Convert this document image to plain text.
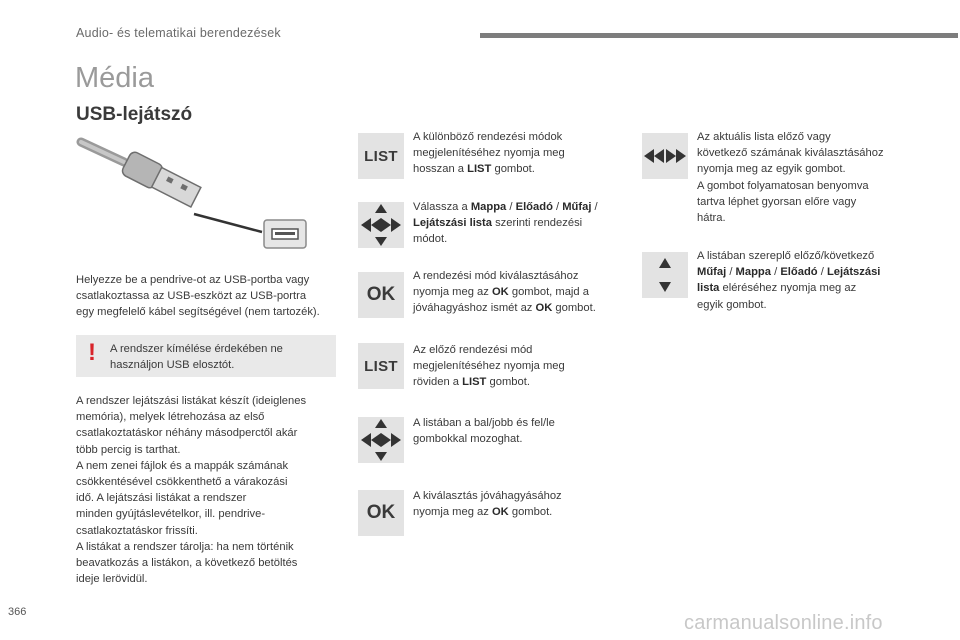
Audio- és telematikai berendezések
Média
USB-lejátszó
Helyezze be a pendrive-ot az USB-portba vagy
csatlakoztassa az USB-eszközt az USB-portra
egy megfelelő kábel segítségével (nem tartozék).
! A rendszer kímélése érdekében ne
használjon USB elosztót.
A rendszer lejátszási listákat készít (ideiglenes
memória), melyek létrehozása az első
csatlakoztatáskor néhány másodperctől akár
több percig is tarthat.
A nem zenei fájlok és a mappák számának
csökkentésével csökkenthető a várakozási
idő. A lejátszási listákat a rendszer
minden gyújtáslevételkor, ill. pendrive-
csatlakoztatáskor frissíti.
A listákat a rendszer tárolja: ha nem történik
beavatkozás a listákon, a következő betöltés
ideje lerövidül.
LIST
OK
LIST
OK
A különböző rendezési módok
megjelenítéséhez nyomja meg
hosszan a LIST gombot.
Válassza a Mappa / Előadó / Műfaj /
Lejátszási lista szerinti rendezési
módot.
A rendezési mód kiválasztásához
nyomja meg az OK gombot, majd a
jóváhagyáshoz ismét az OK gombot.
Az előző rendezési mód
megjelenítéséhez nyomja meg
röviden a LIST gombot.
A listában a bal/jobb és fel/le
gombokkal mozoghat.
A kiválasztás jóváhagyásához
nyomja meg az OK gombot.
Az aktuális lista előző vagy
következő számának kiválasztásához
nyomja meg az egyik gombot.
A gombot folyamatosan benyomva
tartva léphet gyorsan előre vagy
hátra.
A listában szereplő előző/következő
Műfaj / Mappa / Előadó / Lejátszási
lista eléréséhez nyomja meg az
egyik gombot.
366	carmanualsonline.info
